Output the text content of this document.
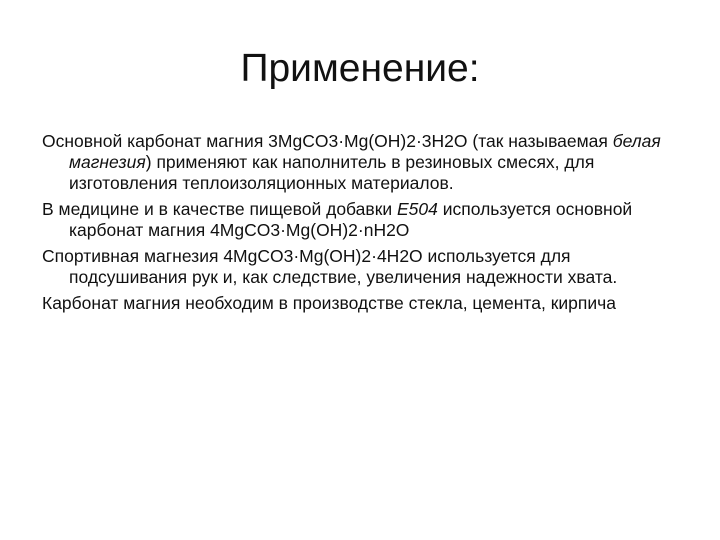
Применение:

Основной карбонат магния 3MgCO3·Mg(OH)2·3H2O (так называемая белая магнезия) применяют как наполнитель в резиновых смесях, для изготовления теплоизоляционных материалов.

В медицине и в качестве пищевой добавки E504 используется основной карбонат магния 4MgCO3·Mg(OH)2·nH2O

Спортивная магнезия 4MgCO3·Mg(OH)2·4H2O используется для подсушивания рук и, как следствие, увеличения надежности хвата.

Карбонат магния необходим в производстве стекла, цемента, кирпича
